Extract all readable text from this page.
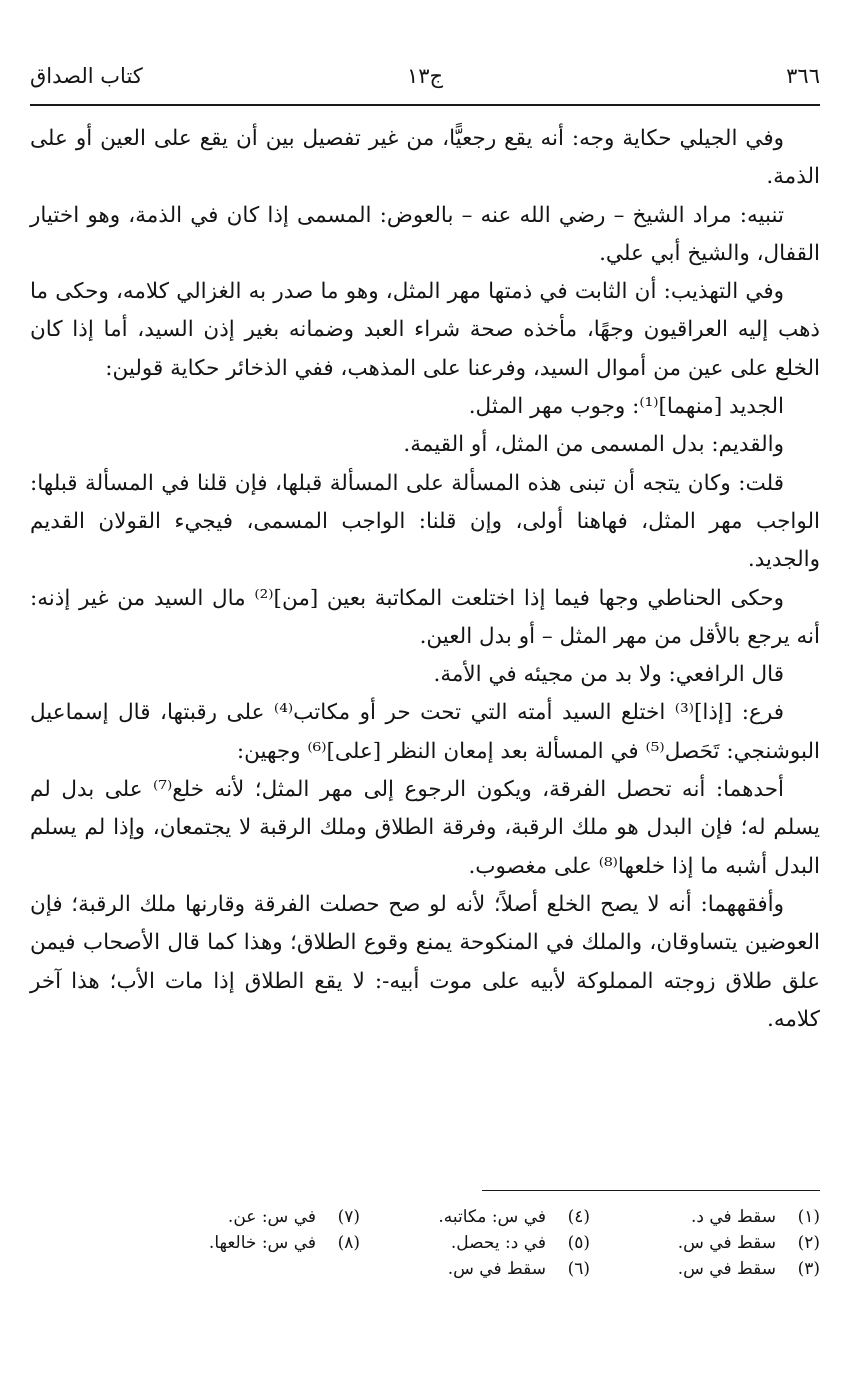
٣٦٦
ج١٣
كتاب الصداق

وفي الجيلي حكاية وجه: أنه يقع رجعيًّا، من غير تفصيل بين أن يقع على العين أو على الذمة.

تنبيه: مراد الشيخ – رضي الله عنه – بالعوض: المسمى إذا كان في الذمة، وهو اختيار القفال، والشيخ أبي علي.

وفي التهذيب: أن الثابت في ذمتها مهر المثل، وهو ما صدر به الغزالي كلامه، وحكى ما ذهب إليه العراقيون وجهًا، مأخذه صحة شراء العبد وضمانه بغير إذن السيد، أما إذا كان الخلع على عين من أموال السيد، وفرعنا على المذهب، ففي الذخائر حكاية قولين:

الجديد [منهما]⁽¹⁾: وجوب مهر المثل.

والقديم: بدل المسمى من المثل، أو القيمة.

قلت: وكان يتجه أن تبنى هذه المسألة على المسألة قبلها، فإن قلنا في المسألة قبلها: الواجب مهر المثل، فهاهنا أولى، وإن قلنا: الواجب المسمى، فيجيء القولان القديم والجديد.

وحكى الحناطي وجها فيما إذا اختلعت المكاتبة بعين [من]⁽²⁾ مال السيد من غير إذنه: أنه يرجع بالأقل من مهر المثل – أو بدل العين.

قال الرافعي: ولا بد من مجيئه في الأمة.

فرع: [إذا]⁽³⁾ اختلع السيد أمته التي تحت حر أو مكاتب⁽⁴⁾ على رقبتها، قال إسماعيل البوشنجي: تَحَصل⁽⁵⁾ في المسألة بعد إمعان النظر [على]⁽⁶⁾ وجهين:

أحدهما: أنه تحصل الفرقة، ويكون الرجوع إلى مهر المثل؛ لأنه خلع⁽⁷⁾ على بدل لم يسلم له؛ فإن البدل هو ملك الرقبة، وفرقة الطلاق وملك الرقبة لا يجتمعان، وإذا لم يسلم البدل أشبه ما إذا خلعها⁽⁸⁾ على مغصوب.

وأفقههما: أنه لا يصح الخلع أصلاً؛ لأنه لو صح حصلت الفرقة وقارنها ملك الرقبة؛ فإن العوضين يتساوقان، والملك في المنكوحة يمنع وقوع الطلاق؛ وهذا كما قال الأصحاب فيمن علق طلاق زوجته المملوكة لأبيه على موت أبيه-: لا يقع الطلاق إذا مات الأب؛ هذا آخر كلامه.

(١)سقط في د.
(٢)سقط في س.
(٣)سقط في س.
(٤)في س: مكاتبه.
(٥)في د: يحصل.
(٦)سقط في س.
(٧)في س: عن.
(٨)في س: خالعها.
